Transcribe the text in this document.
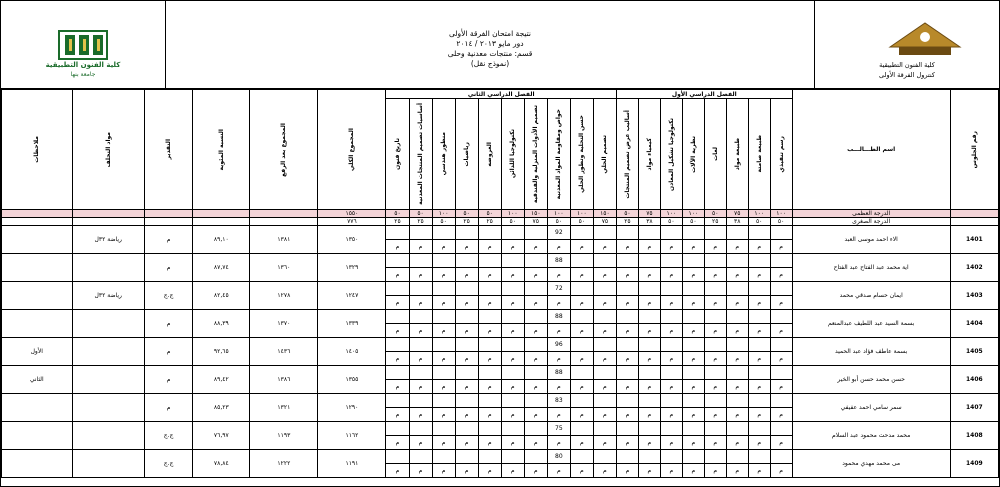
كلية الفنون التطبيقية
جامعة بنها
نتيجة امتحان الفرقة الأولى
دور مايو ٢٠١٣ / ٢٠١٤
قسم: منتجات معدنية وحلى
(نموذج نقل)	كلية الفنون التطبيقية
كنترول الفرقة الأولى
رقم الجلوس	اسم الطـــالـــب	الفصل الدراسي الأول								الفصل الدراسي الثاني										المجموع الكلي	المجموع بعد الرفع	النسبة المئوية	التقدير	مواد التخلف	ملاحظات

		رسم تنفيذي	طبيعة صامتة	طبيعة مواد	لغات	نظرية الآلات	تكنولوجيا تشكيل المعادن	كيمياء مواد	أساليب عرض تصميم المنتجات	تصميم الحلي	حسن التحلية وتطور الحلي	خواص ومقاومة المواد المعدنية	تصميم الأدوات المنزلية والفندقية	تكنولوجيا اللدائن	العروضه	رياضيات	منظور هندسي	أساسيات تصميم المنتجات المعدنية	تاريخ فنون						

	الدرجة العظمى	١٠٠	١٠٠	٧٥	٥٠	١٠٠	١٠٠	٧٥	٥٠	١٥٠	١٠٠	١٠٠	١٥٠	١٠٠	٥٠	٥٠	١٠٠	٥٠	٥٠	١٥٥٠					
	الدرجة الصغرى	٥٠	٥٠	٣٨	٢٥	٥٠	٥٠	٣٨	٢٥	٧٥	٥٠	٥٠	٧٥	٥٠	٢٥	٢٥	٥٠	٢٥	٢٥	٧٧٦					
1401	الاء احمد موسى العبد											92								١٣٥٠	١٣٨١	٨٩,١٠	م	رياضة ٣٢ل	
		م	م	م	م	م	م	م	م	م	م	م	م	م	م	م	م	م	م						
1402	اية محمد عبد الفتاح عبد الفتاح											88								١٣٢٩	١٣٦٠	٨٧,٧٤	م		
		م	م	م	م	م	م	م	م	م	م	م	م	م	م	م	م	م	م						
1403	ايمان حسام صدقي محمد											72								١٢٤٧	١٢٧٨	٨٢,٤٥	ج.ج	رياضة ٣٢ل	
		م	م	م	م	م	م	م	م	م	م	م	م	م	م	م	م	م	م						
1404	بسمة السيد عبد اللطيف عبدالمنعم											88								١٣٣٩	١٣٧٠	٨٨,٣٩	م		
		م	م	م	م	م	م	م	م	م	م	م	م	م	م	م	م	م	م						
1405	بسمة عاطف فؤاد عبد الحميد											96								١٤٠٥	١٤٣٦	٩٢,٦٥	م		الأول
		م	م	م	م	م	م	م	م	م	م	م	م	م	م	م	م	م	م						
1406	حسن محمد حسن أبو الخير											88								١٣٥٥	١٣٨٦	٨٩,٤٢	م		الثاني
		م	م	م	م	م	م	م	م	م	م	م	م	م	م	م	م	م	م						
1407	سمر سامي احمد عفيفي											83								١٢٩٠	١٣٢١	٨٥,٢٣	م		
		م	م	م	م	م	م	م	م	م	م	م	م	م	م	م	م	م	م						
1408	محمد مدحت محمود عبد السلام											75								١١٦٢	١١٩٣	٧٦,٩٧	ج.ج		
		م	م	م	م	م	م	م	م	م	م	م	م	م	م	م	م	م	م						
1409	مى محمد مهدي محمود											80								١١٩١	١٢٢٢	٧٨,٨٤	ج.ج		
		م	م	م	م	م	م	م	م	م	م	م	م	م	م	م	م	م	م						
